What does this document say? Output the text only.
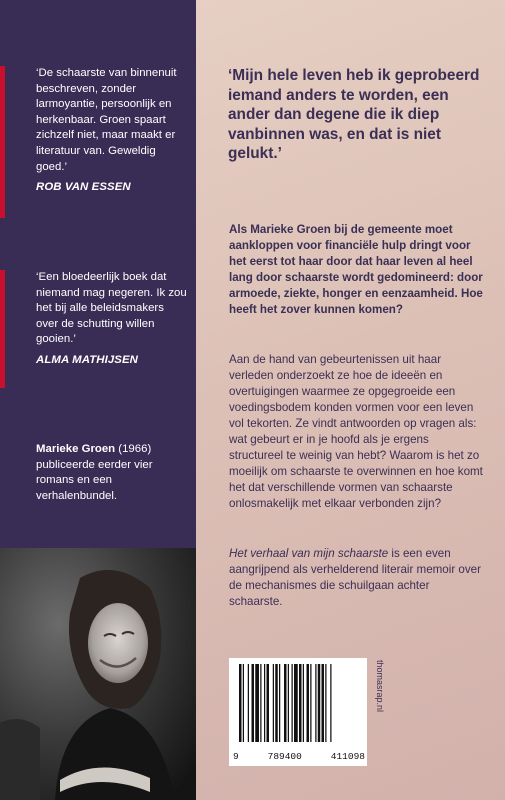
‘De schaarste van binnenuit beschreven, zonder larmoyantie, persoonlijk en herkenbaar. Groen spaart zichzelf niet, maar maakt er literatuur van. Geweldig goed.’
ROB VAN ESSEN
‘Een bloedeerlijk boek dat niemand mag negeren. Ik zou het bij alle beleidsmakers over de schutting willen gooien.’
ALMA MATHIJSEN
Marieke Groen (1966) publiceerde eerder vier romans en een verhalenbundel.
‘Mijn hele leven heb ik geprobeerd iemand anders te worden, een ander dan degene die ik diep vanbinnen was, en dat is niet gelukt.’
Als Marieke Groen bij de gemeente moet aankloppen voor financiële hulp dringt voor het eerst tot haar door dat haar leven al heel lang door schaarste wordt gedomineerd: door armoede, ziekte, honger en eenzaamheid. Hoe heeft het zover kunnen komen?
Aan de hand van gebeurtenissen uit haar verleden onderzoekt ze hoe de ideeën en overtuigingen waarmee ze opgegroeide een voedingsbodem konden vormen voor een leven vol tekorten. Ze vindt antwoorden op vragen als: wat gebeurt er in je hoofd als je ergens structureel te weinig van hebt? Waarom is het zo moeilijk om schaarste te overwinnen en hoe komt het dat verschillende vormen van schaarste onlosmakelijk met elkaar verbonden zijn?
Het verhaal van mijn schaarste is een even aangrijpend als verhelderend literair memoir over de mechanismes die schuilgaan achter schaarste.
9	789400	411098
thomasrap.nl
